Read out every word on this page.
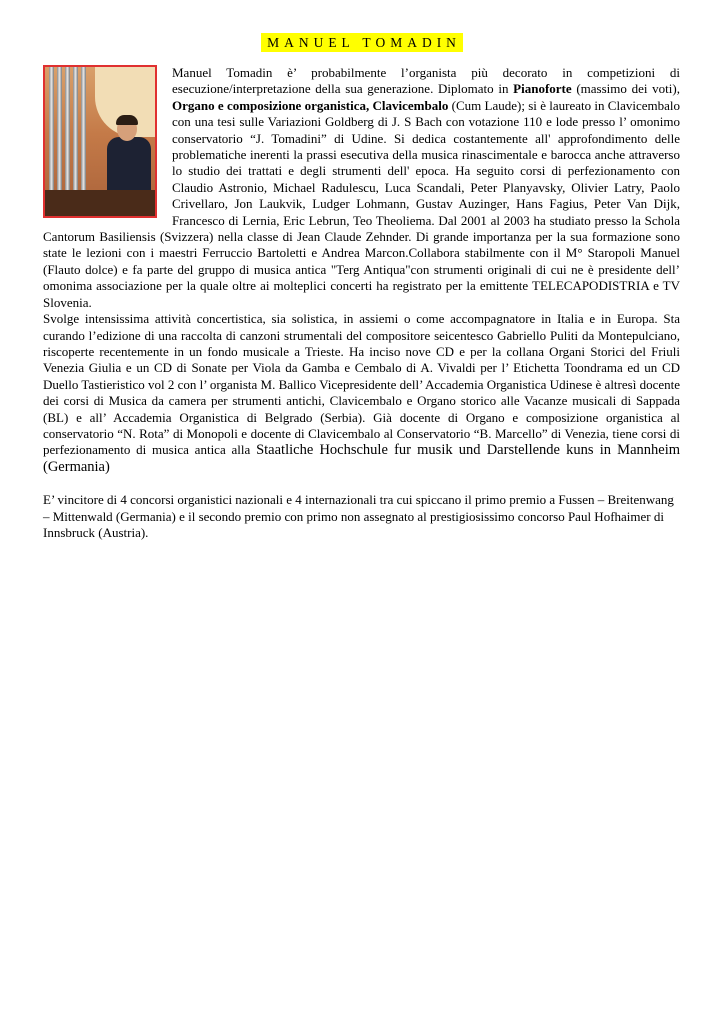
MANUEL TOMADIN

Manuel Tomadin è’ probabilmente l’organista più decorato in competizioni di esecuzione/interpretazione della sua generazione. Diplomato in Pianoforte (massimo dei voti), Organo e composizione organistica, Clavicembalo (Cum Laude); si è laureato in Clavicembalo con una tesi sulle Variazioni Goldberg di J. S Bach con votazione 110 e lode presso l’ omonimo conservatorio “J. Tomadini” di Udine. Si dedica costantemente all' approfondimento delle problematiche inerenti la prassi esecutiva della musica rinascimentale e barocca anche attraverso lo studio dei trattati e degli strumenti dell' epoca. Ha seguito corsi di perfezionamento con Claudio Astronio, Michael Radulescu, Luca Scandali, Peter Planyavsky, Olivier Latry, Paolo Crivellaro, Jon Laukvik, Ludger Lohmann, Gustav Auzinger, Hans Fagius, Peter Van Dijk, Francesco di Lernia, Eric Lebrun, Teo Theoliema. Dal 2001 al 2003 ha studiato presso la Schola Cantorum Basiliensis (Svizzera) nella classe di Jean Claude Zehnder. Di grande importanza per la sua formazione sono state le lezioni con i maestri Ferruccio Bartoletti e Andrea Marcon.Collabora stabilmente con il M° Staropoli Manuel (Flauto dolce) e fa parte del gruppo di musica antica "Terg Antiqua"con strumenti originali di cui ne è presidente dell’ omonima associazione per la quale oltre ai molteplici concerti ha registrato per la emittente TELECAPODISTRIA e TV Slovenia.

Svolge intensissima attività concertistica, sia solistica, in assiemi o come accompagnatore in Italia e in Europa. Sta curando l’edizione di una raccolta di canzoni strumentali del compositore seicentesco Gabriello Puliti da Montepulciano, riscoperte recentemente in un fondo musicale a Trieste. Ha inciso nove CD e per la collana Organi Storici del Friuli Venezia Giulia e un CD di Sonate per Viola da Gamba e Cembalo di A. Vivaldi per l’ Etichetta Toondrama ed un CD Duello Tastieristico vol 2 con l’ organista M. Ballico Vicepresidente dell’ Accademia Organistica Udinese è altresì docente dei corsi di Musica da camera per strumenti antichi, Clavicembalo e Organo storico alle Vacanze musicali di Sappada (BL) e all’ Accademia Organistica di Belgrado (Serbia). Già docente di Organo e composizione organistica al conservatorio “N. Rota” di Monopoli e docente di Clavicembalo al Conservatorio “B. Marcello” di Venezia, tiene corsi di perfezionamento di musica antica alla Staatliche Hochschule fur musik und Darstellende kuns in Mannheim (Germania)

E’ vincitore di 4 concorsi organistici nazionali e 4 internazionali tra cui spiccano il primo premio a Fussen – Breitenwang – Mittenwald (Germania) e il secondo premio con primo non assegnato al prestigiosissimo concorso Paul Hofhaimer di Innsbruck (Austria).
